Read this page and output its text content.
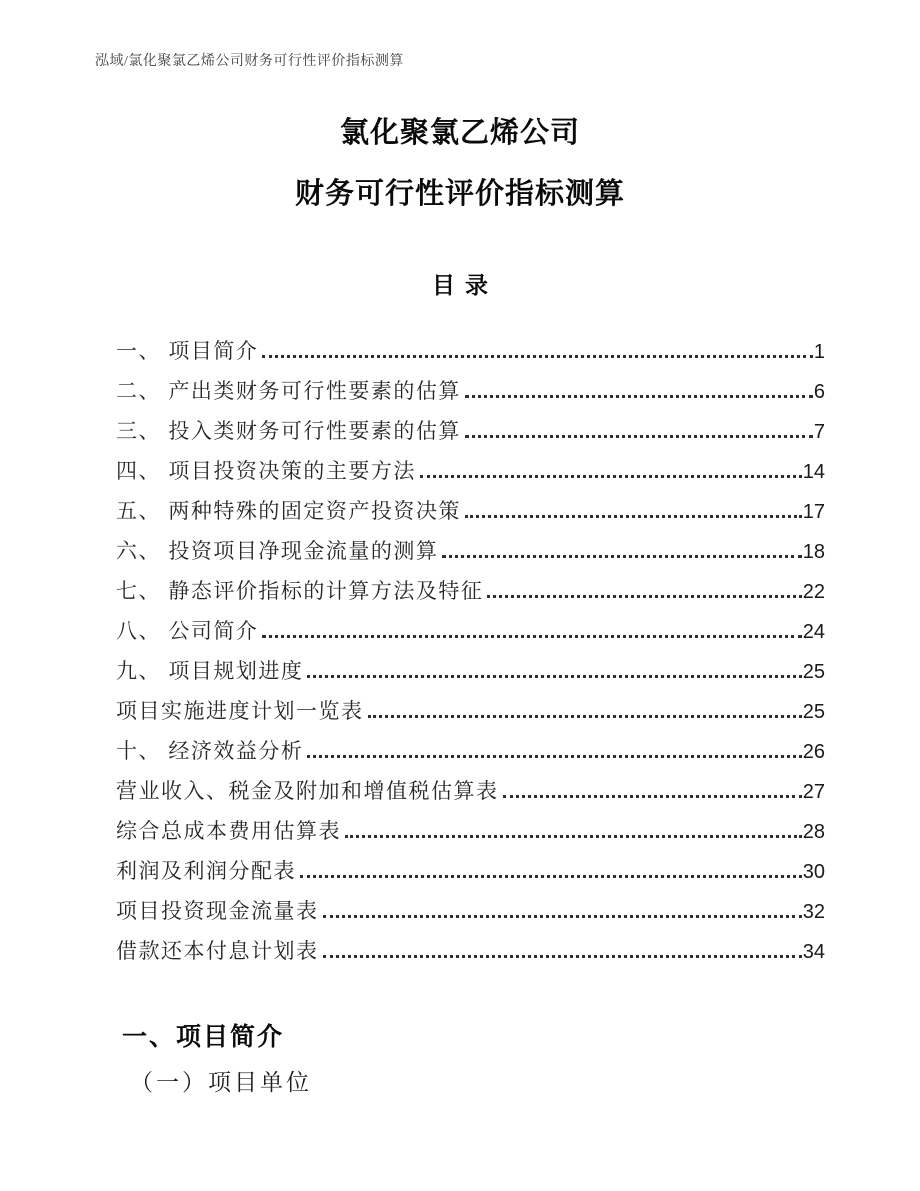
泓域/氯化聚氯乙烯公司财务可行性评价指标测算
氯化聚氯乙烯公司
财务可行性评价指标测算
目录
一、 项目简介	1
二、 产出类财务可行性要素的估算	6
三、 投入类财务可行性要素的估算	7
四、 项目投资决策的主要方法	14
五、 两种特殊的固定资产投资决策	17
六、 投资项目净现金流量的测算	18
七、 静态评价指标的计算方法及特征	22
八、 公司简介	24
九、 项目规划进度	25
项目实施进度计划一览表	25
十、 经济效益分析	26
营业收入、税金及附加和增值税估算表	27
综合总成本费用估算表	28
利润及利润分配表	30
项目投资现金流量表	32
借款还本付息计划表	34
一、项目简介
（一）项目单位
